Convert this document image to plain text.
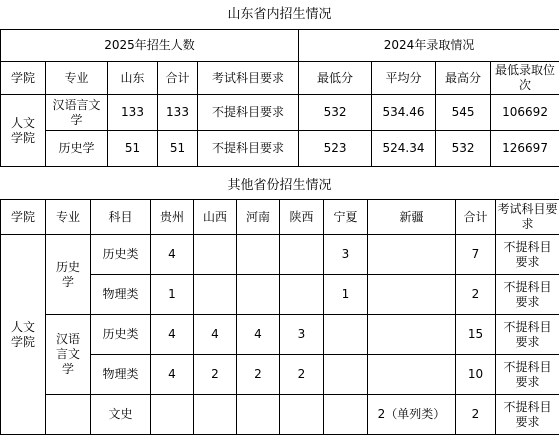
山东省内招生情况
2025年招生人数					2024年录取情况			
学院	专业	山东	合计	考试科目要求	最低分	平均分	最高分	最低录取位次
人文学院	汉语言文学	133	133	不提科目要求	532	534.46	545	106692
	历史学	51	51	不提科目要求	523	524.34	532	126697
其他省份招生情况
学院	专业	科目	贵州	山西	河南	陕西	宁夏	新疆	合计	考试科目要求
人文学院	历史学	历史类	4				3		7	不提科目要求
		物理类	1				1		2	不提科目要求
	汉语言文学	历史类	4	4	4	3			15	不提科目要求
		物理类	4	2	2	2			10	不提科目要求
		文史						2（单列类）	2	不提科目要求
